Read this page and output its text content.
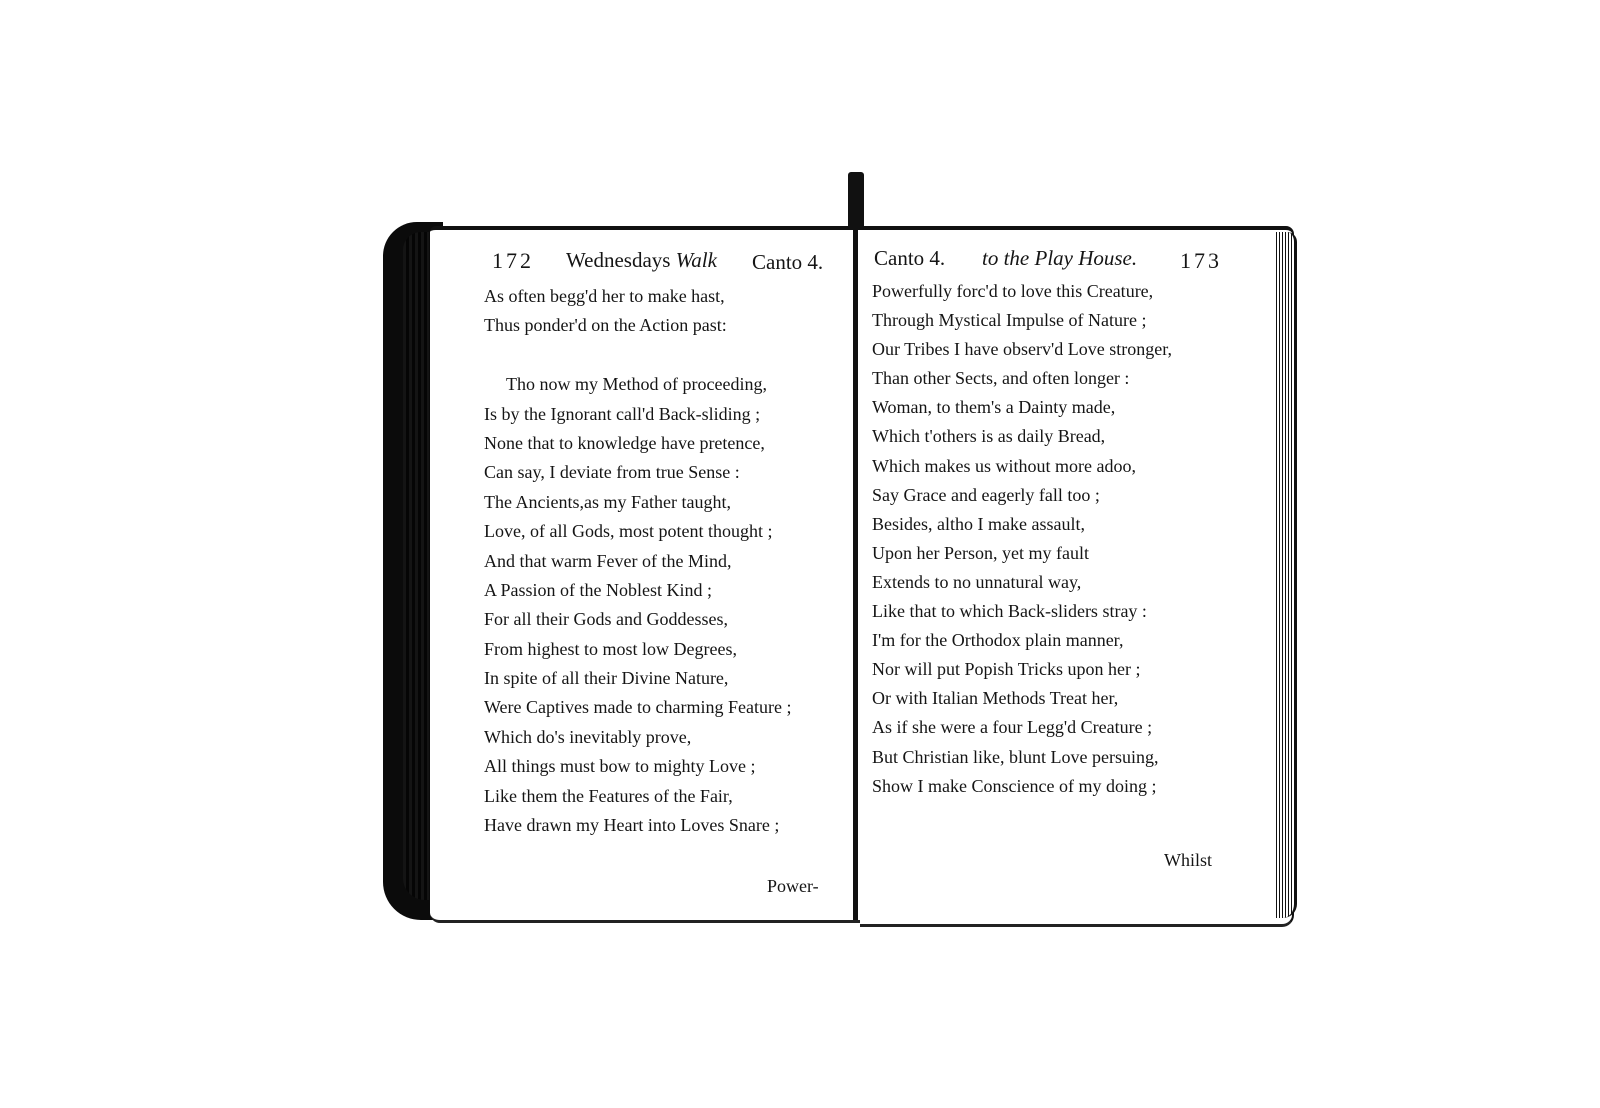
172 Wednesdays Walk Canto 4.
As often begg'd her to make hast,
Thus ponder'd on the Action past:
Tho now my Method of proceeding,
Is by the Ignorant call'd Back-sliding ;
None that to knowledge have pretence,
Can say, I deviate from true Sense :
The Ancients,as my Father taught,
Love, of all Gods, most potent thought ;
And that warm Fever of the Mind,
A Passion of the Noblest Kind ;
For all their Gods and Goddesses,
From highest to most low Degrees,
In spite of all their Divine Nature,
Were Captives made to charming Feature ;
Which do's inevitably prove,
All things must bow to mighty Love ;
Like them the Features of the Fair,
Have drawn my Heart into Loves Snare ;
Power-
Canto 4. to the Play House. 173
Powerfully forc'd to love this Creature,
Through Mystical Impulse of Nature ;
Our Tribes I have observ'd Love stronger,
Than other Sects, and often longer :
Woman, to them's a Dainty made,
Which t'others is as daily Bread,
Which makes us without more adoo,
Say Grace and eagerly fall too ;
Besides, altho I make assault,
Upon her Person, yet my fault
Extends to no unnatural way,
Like that to which Back-sliders stray :
I'm for the Orthodox plain manner,
Nor will put Popish Tricks upon her ;
Or with Italian Methods Treat her,
As if she were a four Legg'd Creature ;
But Christian like, blunt Love persuing,
Show I make Conscience of my doing ;
Whilst
